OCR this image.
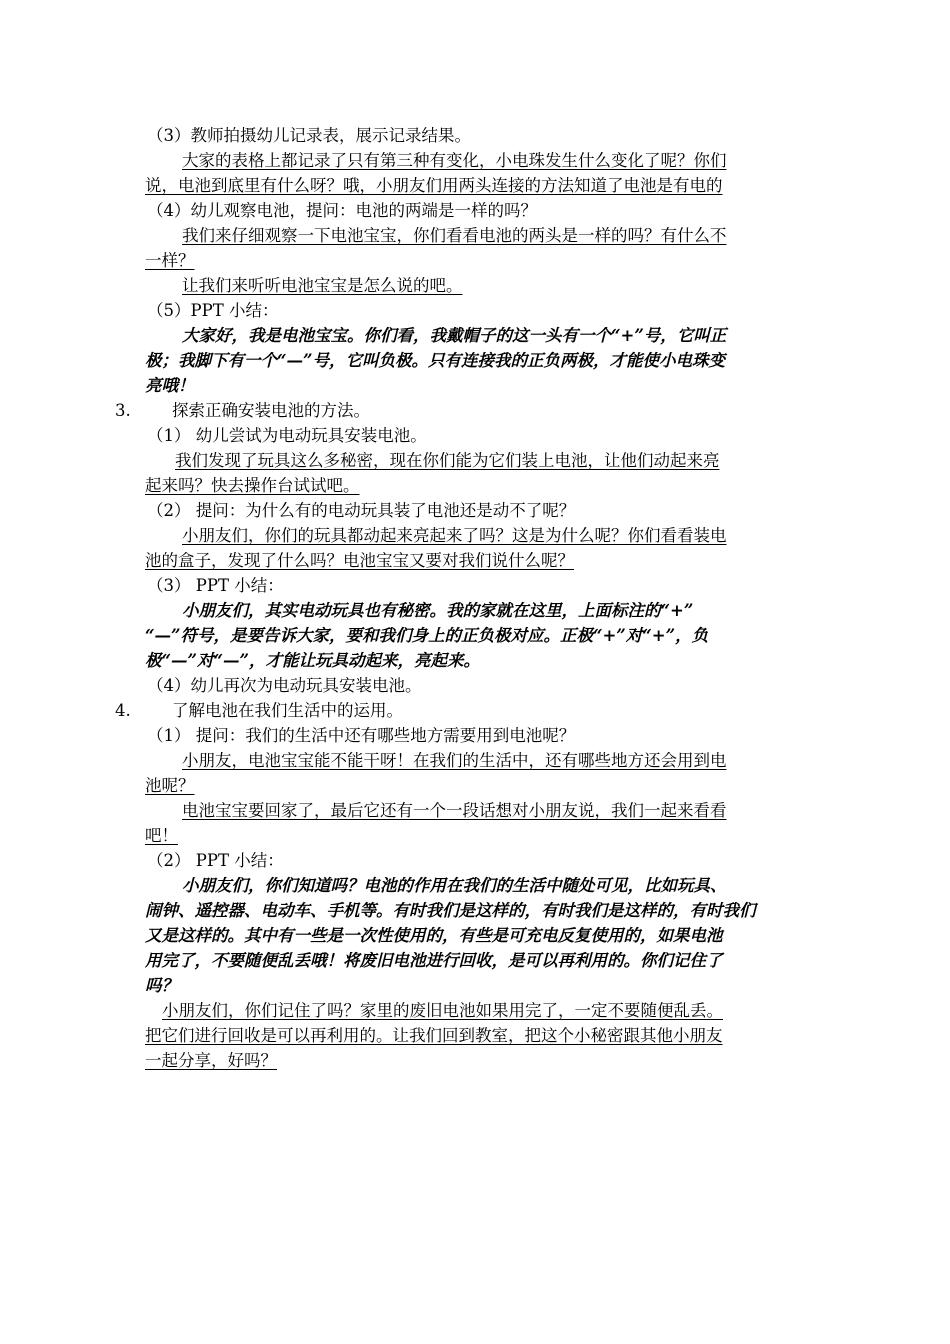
（3）教师拍摄幼儿记录表，展示记录结果。
大家的表格上都记录了只有第三种有变化，小电珠发生什么变化了呢？你们
说，电池到底里有什么呀？哦，小朋友们用两头连接的方法知道了电池是有电的
（4）幼儿观察电池，提问：电池的两端是一样的吗？
我们来仔细观察一下电池宝宝，你们看看电池的两头是一样的吗？有什么不
一样？
让我们来听听电池宝宝是怎么说的吧。
（5）PPT 小结：
大家好，我是电池宝宝。你们看，我戴帽子的这一头有一个“+”号，它叫正
极；我脚下有一个“—”号，它叫负极。只有连接我的正负两极，才能使小电珠变
亮哦！
3.	探索正确安装电池的方法。
（1） 幼儿尝试为电动玩具安装电池。
我们发现了玩具这么多秘密，现在你们能为它们装上电池，让他们动起来亮
起来吗？快去操作台试试吧。
（2） 提问：为什么有的电动玩具装了电池还是动不了呢？
小朋友们，你们的玩具都动起来亮起来了吗？这是为什么呢？你们看看装电
池的盒子，发现了什么吗？电池宝宝又要对我们说什么呢？
（3） PPT 小结：
小朋友们，其实电动玩具也有秘密。我的家就在这里，上面标注的“+”
“—”符号，是要告诉大家，要和我们身上的正负极对应。正极“+”对“+”，负
极“—”对“—”，才能让玩具动起来，亮起来。
（4）幼儿再次为电动玩具安装电池。
4.	了解电池在我们生活中的运用。
（1） 提问：我们的生活中还有哪些地方需要用到电池呢？
小朋友，电池宝宝能不能干呀！在我们的生活中，还有哪些地方还会用到电
池呢？
电池宝宝要回家了，最后它还有一个一段话想对小朋友说，我们一起来看看
吧！
（2） PPT 小结：
小朋友们，你们知道吗？电池的作用在我们的生活中随处可见，比如玩具、
闹钟、遥控器、电动车、手机等。有时我们是这样的，有时我们是这样的，有时我们
又是这样的。其中有一些是一次性使用的，有些是可充电反复使用的，如果电池
用完了，不要随便乱丢哦！将废旧电池进行回收，是可以再利用的。你们记住了
吗？
小朋友们，你们记住了吗？家里的废旧电池如果用完了，一定不要随便乱丢。
把它们进行回收是可以再利用的。让我们回到教室，把这个小秘密跟其他小朋友
一起分享，好吗？
